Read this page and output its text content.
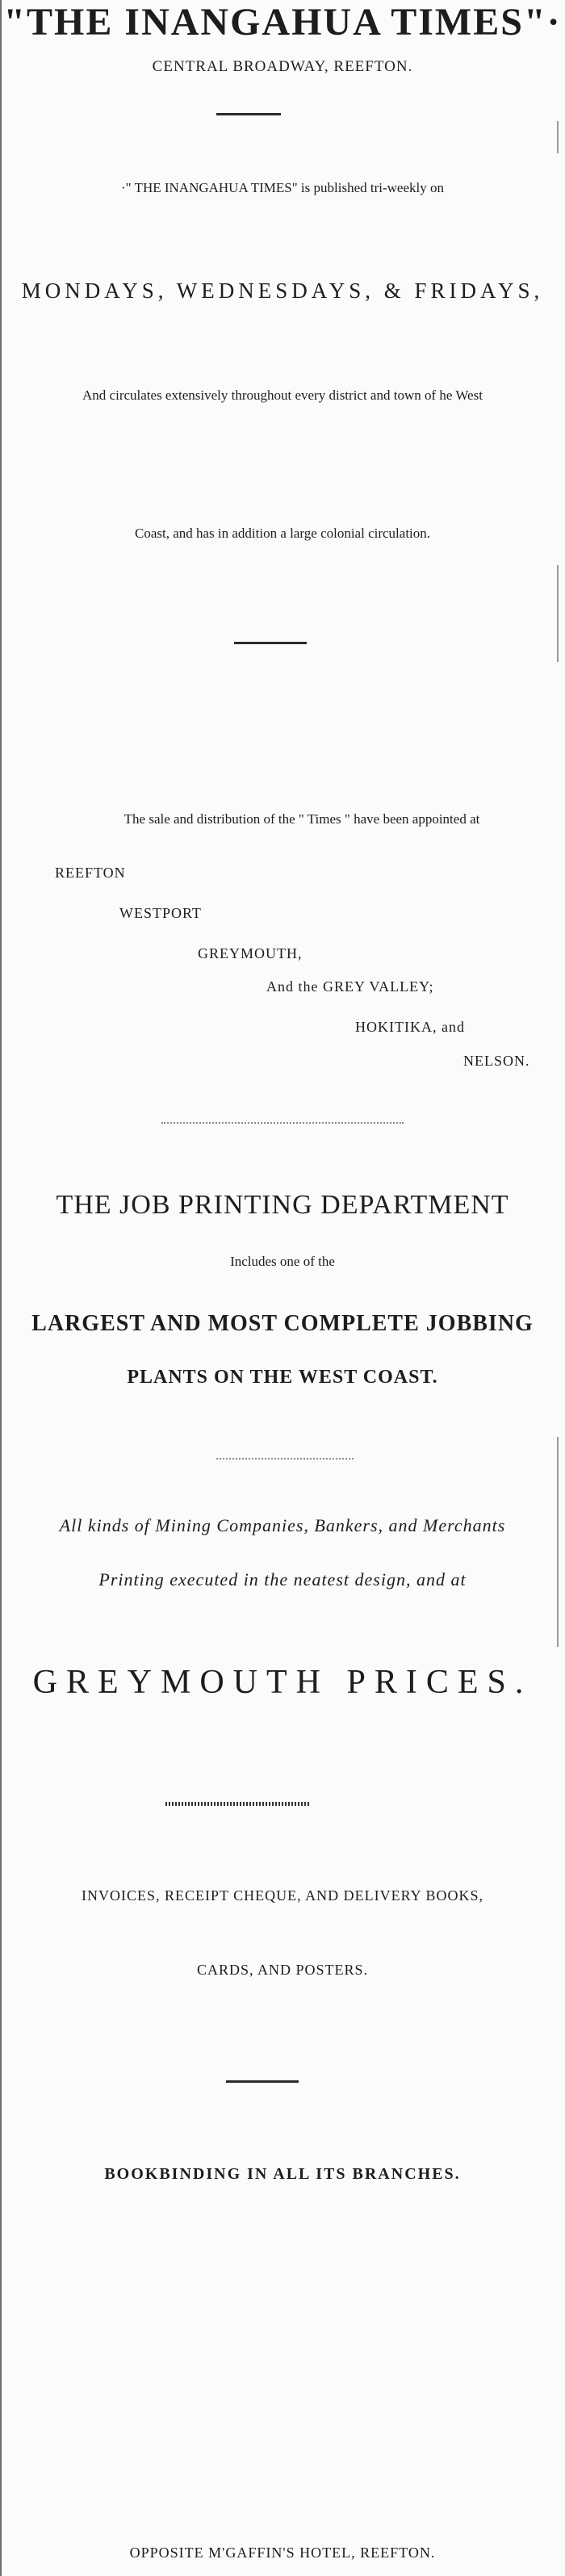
"THE INANGAHUA TIMES"·
CENTRAL BROADWAY, REEFTON.
·" THE INANGAHUA TIMES" is published tri-weekly on
MONDAYS, WEDNESDAYS, & FRIDAYS,
And circulates extensively throughout every district and town of he West
Coast, and has in addition a large colonial circulation.
The sale and distribution of the " Times " have been appointed at
REEFTON
WESTPORT
GREYMOUTH,
And the GREY VALLEY;
HOKITIKA, and
NELSON.
THE JOB PRINTING DEPARTMENT
Includes one of the
LARGEST AND MOST COMPLETE JOBBING
PLANTS ON THE WEST COAST.
All kinds of Mining Companies, Bankers, and Merchants
Printing executed in the neatest design, and at
GREYMOUTH PRICES.
INVOICES, RECEIPT CHEQUE, AND DELIVERY BOOKS,
CARDS, AND POSTERS.
BOOKBINDING IN ALL ITS BRANCHES.
OPPOSITE M'GAFFIN'S HOTEL, REEFTON.
